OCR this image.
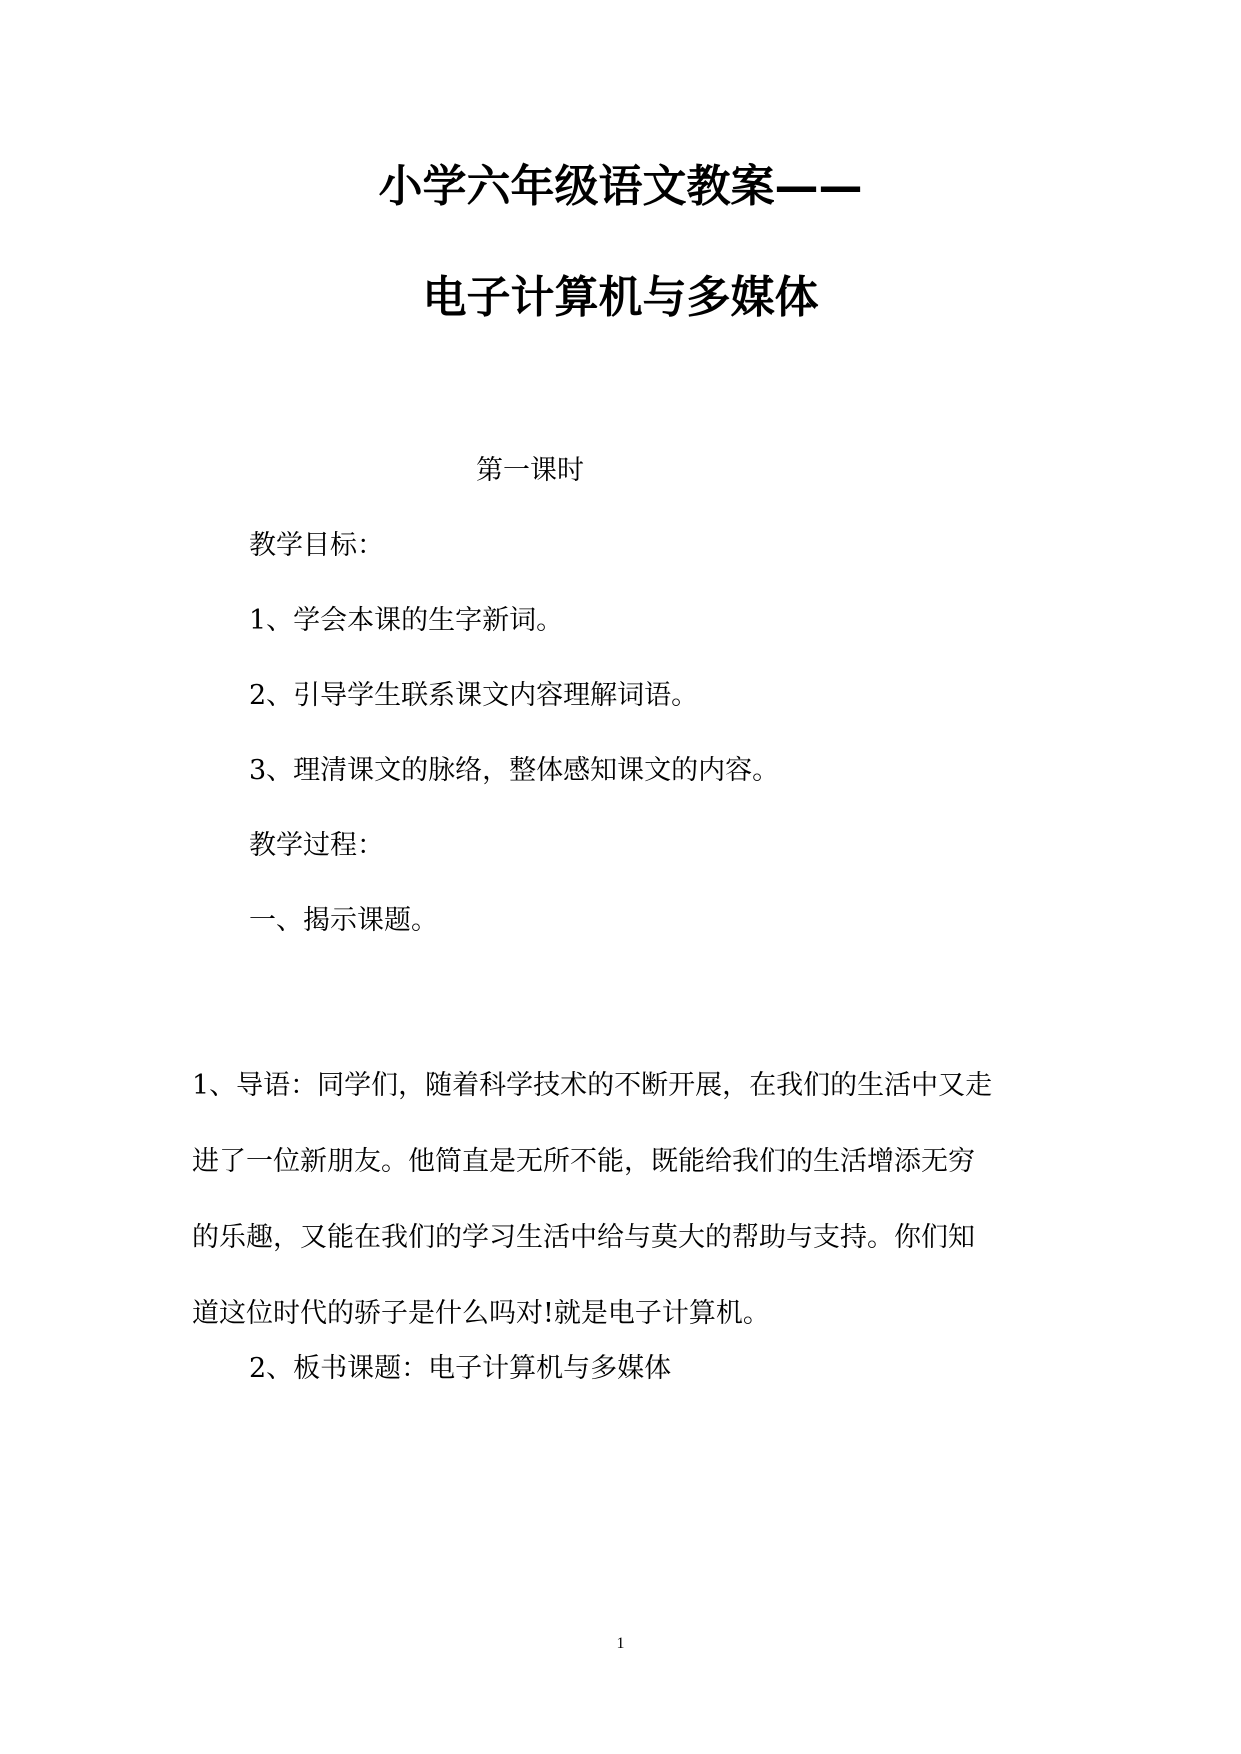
小学六年级语文教案——
电子计算机与多媒体
第一课时
教学目标：
1、学会本课的生字新词。
2、引导学生联系课文内容理解词语。
3、理清课文的脉络，整体感知课文的内容。
教学过程：
一、揭示课题。
1、导语：同学们，随着科学技术的不断开展，在我们的生活中又走
进了一位新朋友。他简直是无所不能，既能给我们的生活增添无穷
的乐趣，又能在我们的学习生活中给与莫大的帮助与支持。你们知
道这位时代的骄子是什么吗对!就是电子计算机。
2、板书课题：电子计算机与多媒体
1
